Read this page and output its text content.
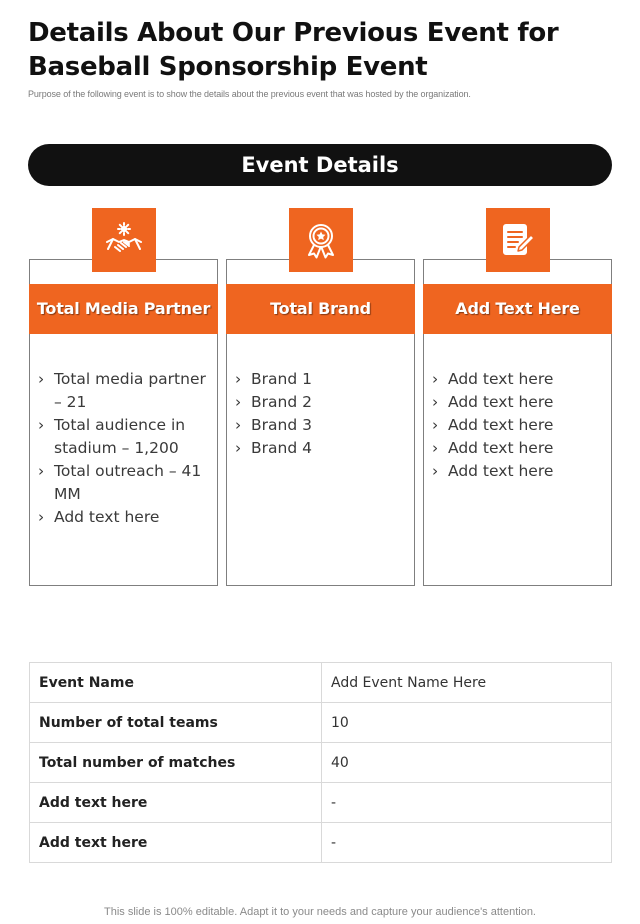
Details About Our Previous Event for Baseball Sponsorship Event
Purpose of the following event is to show the details about the previous event that was hosted by the organization.
Event Details
Total Media Partner
› Total media partner – 21
› Total audience in stadium – 1,200
› Total outreach – 41 MM
› Add text here
Total Brand
› Brand 1
› Brand 2
› Brand 3
› Brand 4
Add Text Here
› Add text here
› Add text here
› Add text here
› Add text here
› Add text here
Event Name	Add Event Name Here
Number of total teams	10
Total number of matches	40
Add text here	-
Add text here	-
This slide is 100% editable. Adapt it to your needs and capture your audience's attention.
